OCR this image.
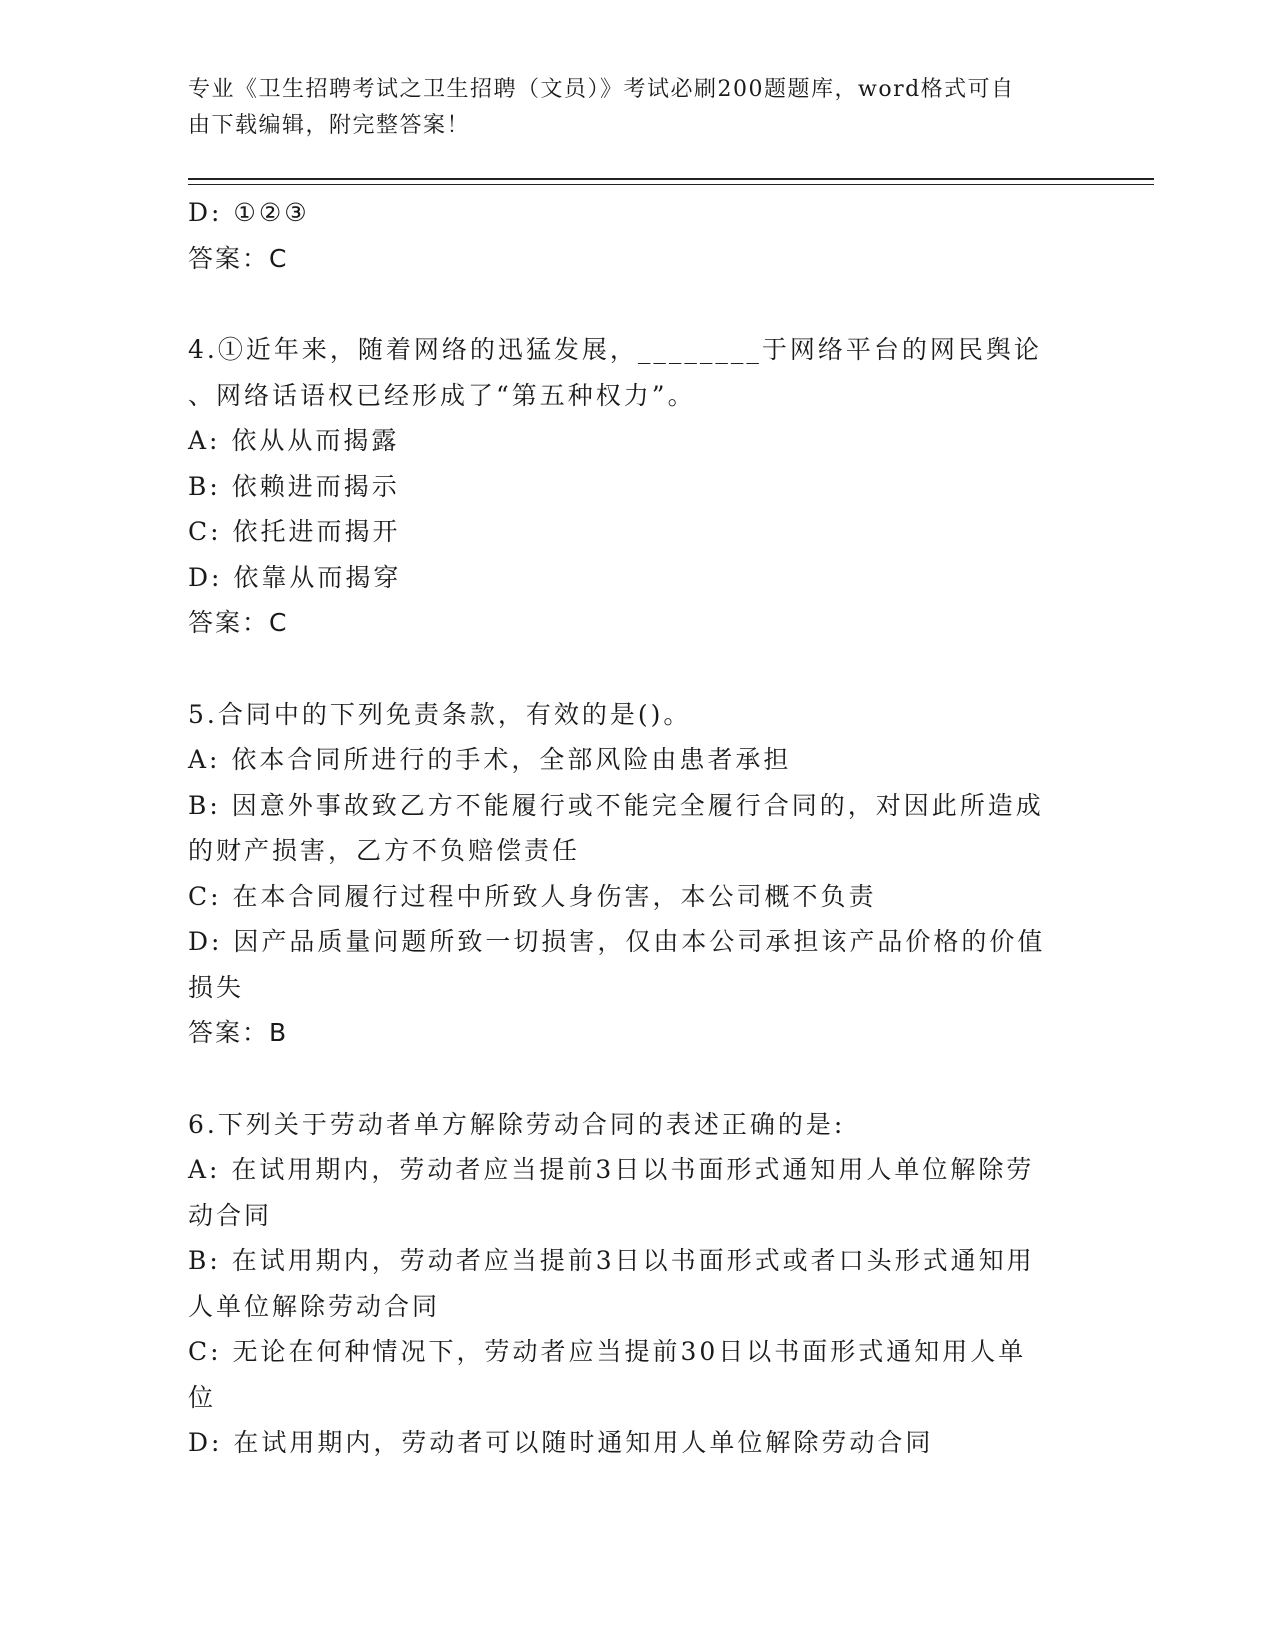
专业《卫生招聘考试之卫生招聘（文员）》考试必刷200题题库，word格式可自
由下载编辑，附完整答案！
D: ①②③
答案：C
4.①近年来，随着网络的迅猛发展，________于网络平台的网民舆论
、网络话语权已经形成了“第五种权力”。
A: 依从从而揭露
B: 依赖进而揭示
C: 依托进而揭开
D: 依靠从而揭穿
答案：C
5.合同中的下列免责条款，有效的是()。
A: 依本合同所进行的手术，全部风险由患者承担
B: 因意外事故致乙方不能履行或不能完全履行合同的，对因此所造成
的财产损害，乙方不负赔偿责任
C: 在本合同履行过程中所致人身伤害，本公司概不负责
D: 因产品质量问题所致一切损害，仅由本公司承担该产品价格的价值
损失
答案：B
6.下列关于劳动者单方解除劳动合同的表述正确的是:
A: 在试用期内，劳动者应当提前3日以书面形式通知用人单位解除劳
动合同
B: 在试用期内，劳动者应当提前3日以书面形式或者口头形式通知用
人单位解除劳动合同
C: 无论在何种情况下，劳动者应当提前30日以书面形式通知用人单
位
D: 在试用期内，劳动者可以随时通知用人单位解除劳动合同
